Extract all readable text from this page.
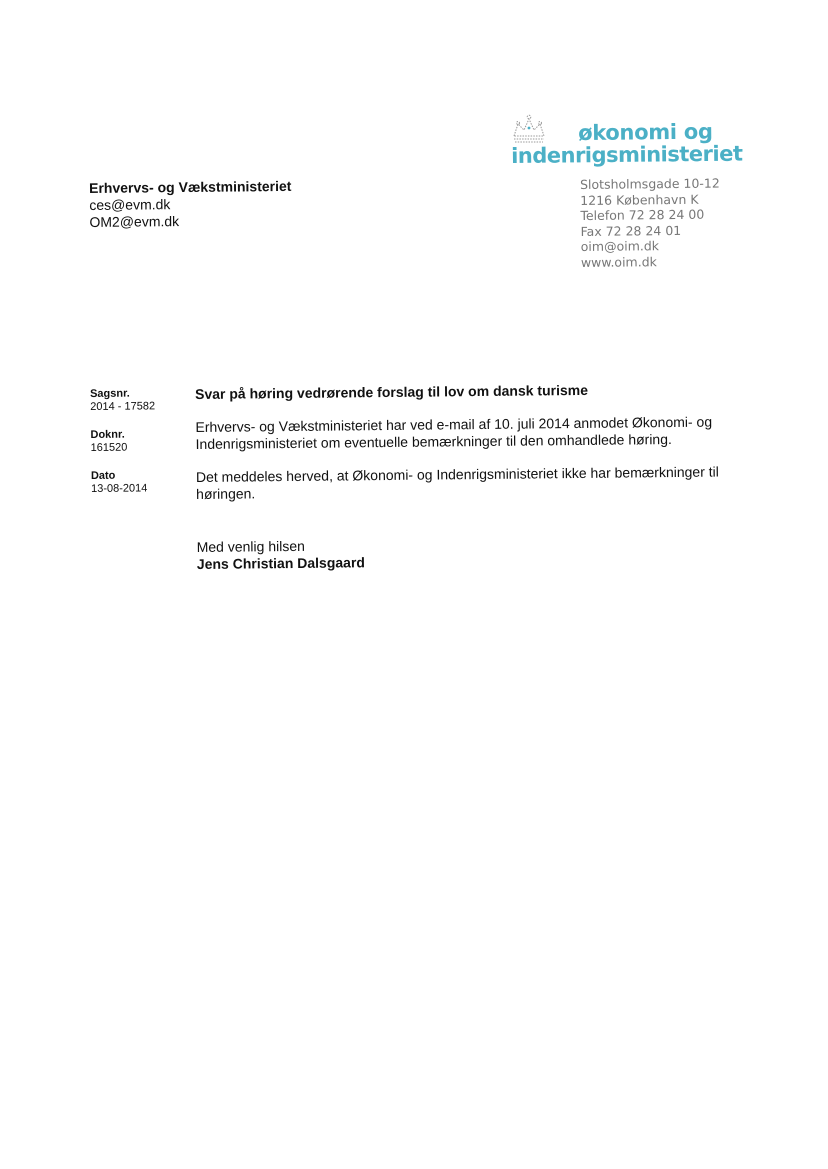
økonomi og
indenrigsministeriet
Slotsholmsgade 10-12
1216 København K
Telefon 72 28 24 00
Fax 72 28 24 01
oim@oim.dk
www.oim.dk
Erhvervs- og Vækstministeriet
ces@evm.dk
OM2@evm.dk
Sagsnr.
2014 - 17582
Doknr.
161520
Dato
13-08-2014
Svar på høring vedrørende forslag til lov om dansk turisme
Erhvervs- og Vækstministeriet har ved e-mail af 10. juli 2014 anmodet Økonomi- og
Indenrigsministeriet om eventuelle bemærkninger til den omhandlede høring.
Det meddeles herved, at Økonomi- og Indenrigsministeriet ikke har bemærkninger til
høringen.
Med venlig hilsen
Jens Christian Dalsgaard
